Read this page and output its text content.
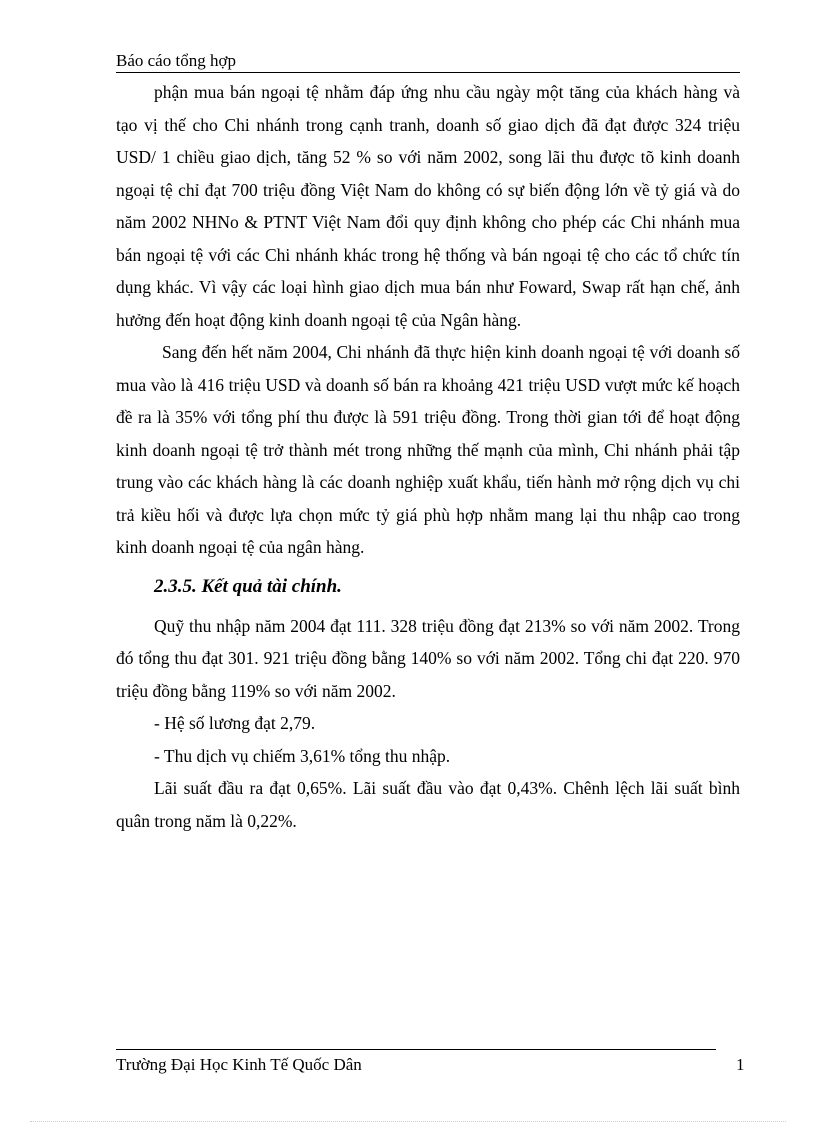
Báo cáo tổng hợp

phận mua bán ngoại tệ nhằm đáp ứng nhu cầu ngày một tăng của khách hàng và tạo vị thế cho Chi nhánh trong cạnh tranh, doanh số giao dịch đã đạt được 324 triệu USD/ 1 chiều giao dịch, tăng 52 % so với năm 2002, song lãi thu được tõ kinh doanh ngoại tệ chỉ đạt 700 triệu đồng Việt Nam do không có sự biến động lớn về tỷ giá và do năm 2002 NHNo & PTNT Việt Nam đổi quy định không cho phép các Chi nhánh mua bán ngoại tệ với các Chi nhánh khác trong hệ thống và bán ngoại tệ cho các tổ chức tín dụng khác. Vì vậy các loại hình giao dịch mua bán như Foward, Swap rất hạn chế, ảnh hưởng đến hoạt động kinh doanh ngoại tệ của Ngân hàng.

Sang đến hết năm 2004, Chi nhánh đã thực hiện kinh doanh ngoại tệ với doanh số mua vào là 416 triệu USD và doanh số bán ra khoảng 421 triệu USD vượt mức kế hoạch đề ra là 35% với tổng phí thu được là 591 triệu đồng. Trong thời gian tới để hoạt động kinh doanh ngoại tệ trở thành mét trong những thế mạnh của mình, Chi nhánh phải tập trung vào các khách hàng là các doanh nghiệp xuất khẩu, tiến hành mở rộng dịch vụ chi trả kiều hối và được lựa chọn mức tỷ giá phù hợp nhằm mang lại thu nhập cao trong kinh doanh ngoại tệ của ngân hàng.

2.3.5. Kết quả tài chính.

Quỹ thu nhập năm 2004 đạt 111. 328 triệu đồng đạt 213% so với năm 2002. Trong đó tổng thu đạt 301. 921 triệu đồng bằng 140% so với năm 2002. Tổng chi đạt 220. 970 triệu đồng bằng 119% so với năm 2002.

- Hệ số lương đạt 2,79.
- Thu dịch vụ chiếm 3,61% tổng thu nhập.

Lãi suất đầu ra đạt 0,65%. Lãi suất đầu vào đạt 0,43%. Chênh lệch lãi suất bình quân trong năm là 0,22%.

Trường Đại Học Kinh Tế Quốc Dân	1
